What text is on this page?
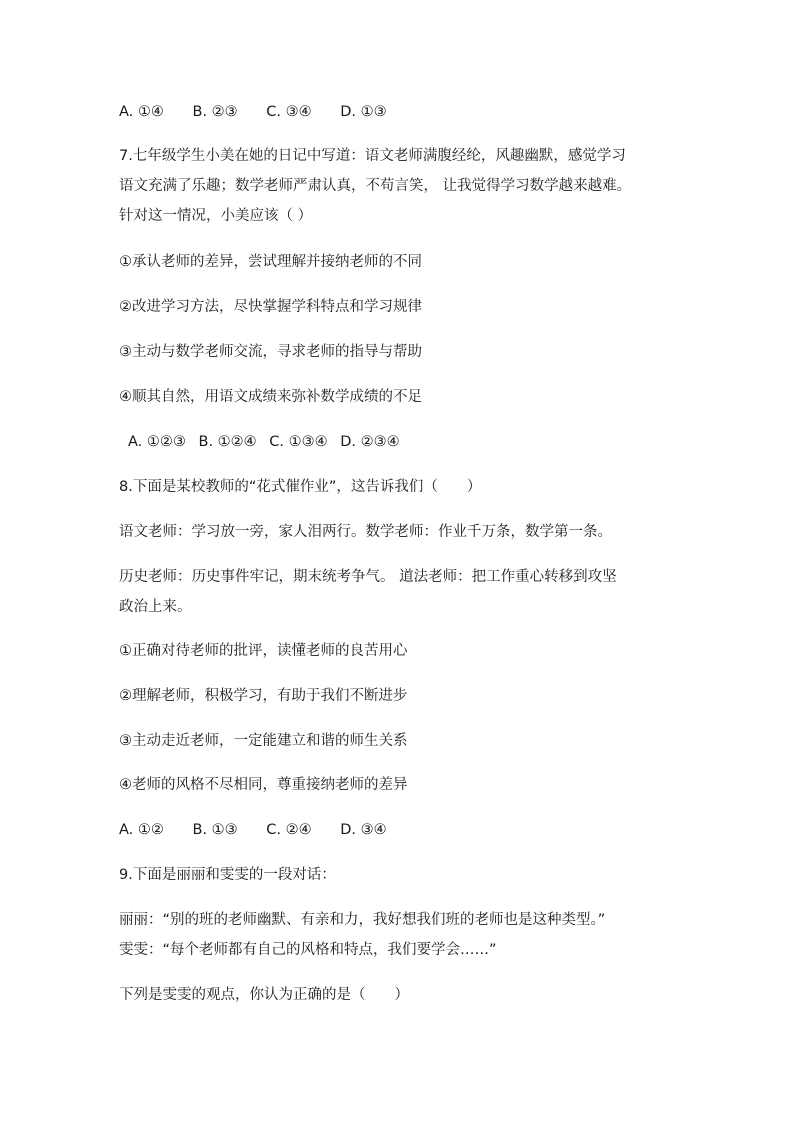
A. ①④ B. ②③ C. ③④ D. ①③
7.七年级学生小美在她的日记中写道：语文老师满腹经纶，风趣幽默，感觉学习
语文充满了乐趣；数学老师严肃认真，不苟言笑， 让我觉得学习数学越来越难。
针对这一情况，小美应该（ ）
①承认老师的差异，尝试理解并接纳老师的不同
②改进学习方法，尽快掌握学科特点和学习规律
③主动与数学老师交流，寻求老师的指导与帮助
④顺其自然，用语文成绩来弥补数学成绩的不足
A. ①②③ B. ①②④ C. ①③④ D. ②③④
8.下面是某校教师的“花式催作业”，这告诉我们（　　）
语文老师：学习放一旁，家人泪两行。数学老师：作业千万条，数学第一条。
历史老师：历史事件牢记，期末统考争气。 道法老师：把工作重心转移到攻坚
政治上来。
①正确对待老师的批评，读懂老师的良苦用心
②理解老师，积极学习，有助于我们不断进步
③主动走近老师，一定能建立和谐的师生关系
④老师的风格不尽相同，尊重接纳老师的差异
A. ①② B. ①③ C. ②④ D. ③④
9.下面是丽丽和雯雯的一段对话：
丽丽：“别的班的老师幽默、有亲和力，我好想我们班的老师也是这种类型。”
雯雯：“每个老师都有自己的风格和特点，我们要学会……”
下列是雯雯的观点，你认为正确的是（　　）
